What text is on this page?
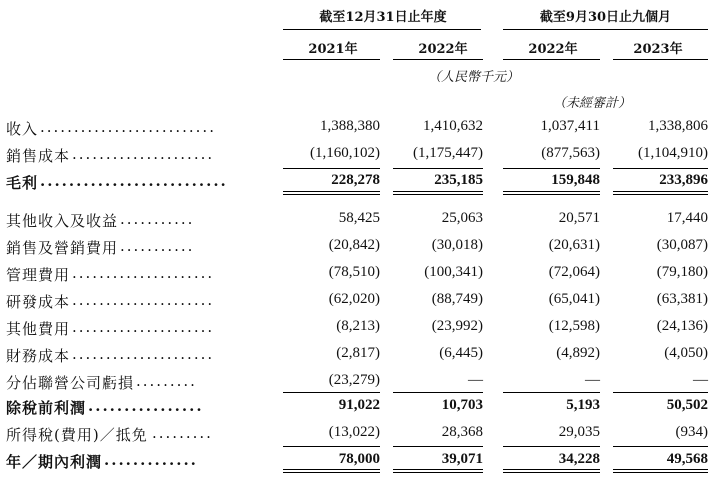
截至12月31日止年度	截至9月30日止九個月
2021年	2022年	2022年	2023年
（人民幣千元）
（未經審計）
收入 ..........................	1,388,380	1,410,632	1,037,411	1,338,806
銷售成本 .....................	(1,160,102)	(1,175,447)	(877,563)	(1,104,910)
毛利 ..........................	228,278	235,185	159,848	233,896
其他收入及收益 ...........	58,425	25,063	20,571	17,440
銷售及營銷費用 ...........	(20,842)	(30,018)	(20,631)	(30,087)
管理費用 .....................	(78,510)	(100,341)	(72,064)	(79,180)
研發成本 .....................	(62,020)	(88,749)	(65,041)	(63,381)
其他費用 .....................	(8,213)	(23,992)	(12,598)	(24,136)
財務成本 .....................	(2,817)	(6,445)	(4,892)	(4,050)
分佔聯營公司虧損 .........	(23,279)	—	—	—
除稅前利潤 ................	91,022	10,703	5,193	50,502
所得稅(費用)／抵免 .........	(13,022)	28,368	29,035	(934)
年／期內利潤 .............	78,000	39,071	34,228	49,568
